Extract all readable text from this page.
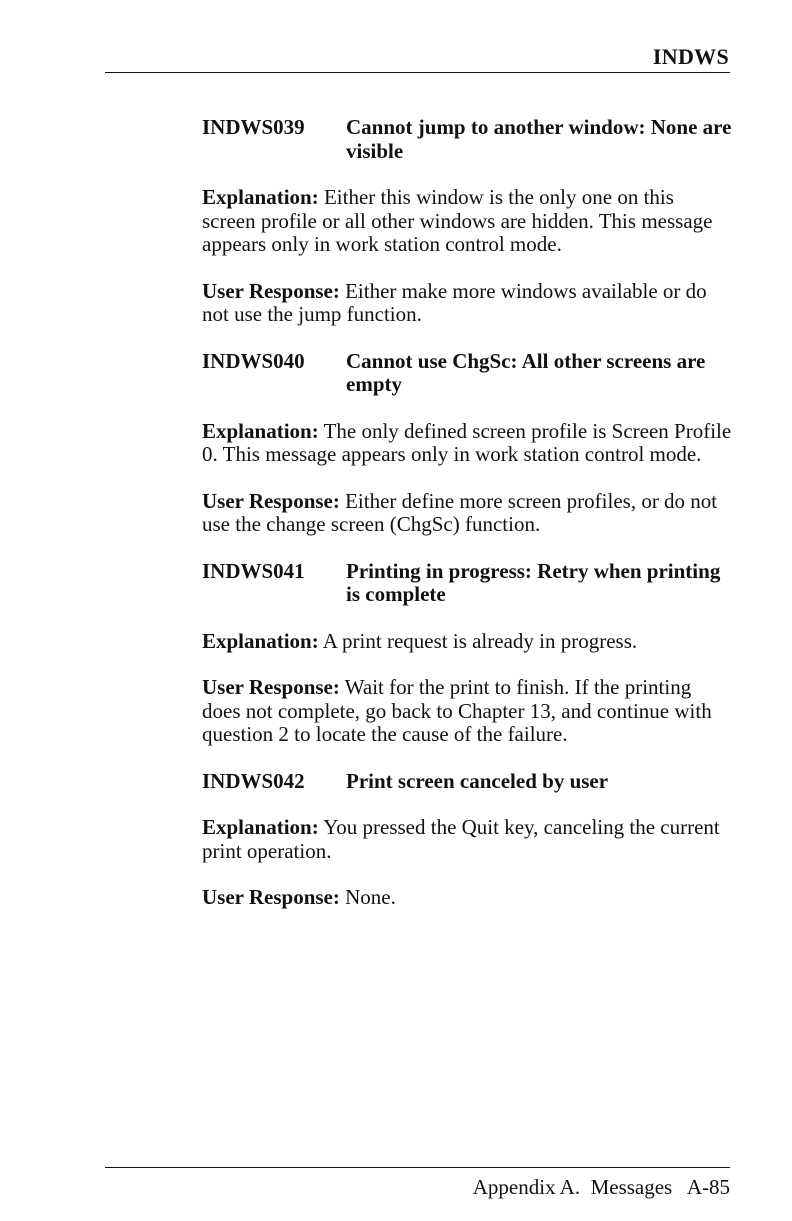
INDWS
INDWS039	Cannot jump to another window: None are visible

Explanation: Either this window is the only one on this screen profile or all other windows are hidden. This message appears only in work station control mode.

User Response: Either make more windows available or do not use the jump function.

INDWS040	Cannot use ChgSc: All other screens are empty

Explanation: The only defined screen profile is Screen Profile 0. This message appears only in work station control mode.

User Response: Either define more screen profiles, or do not use the change screen (ChgSc) function.

INDWS041	Printing in progress: Retry when printing is complete

Explanation: A print request is already in progress.

User Response: Wait for the print to finish. If the printing does not complete, go back to Chapter 13, and continue with question 2 to locate the cause of the failure.

INDWS042	Print screen canceled by user

Explanation: You pressed the Quit key, canceling the current print operation.

User Response: None.

Appendix A. Messages A-85
